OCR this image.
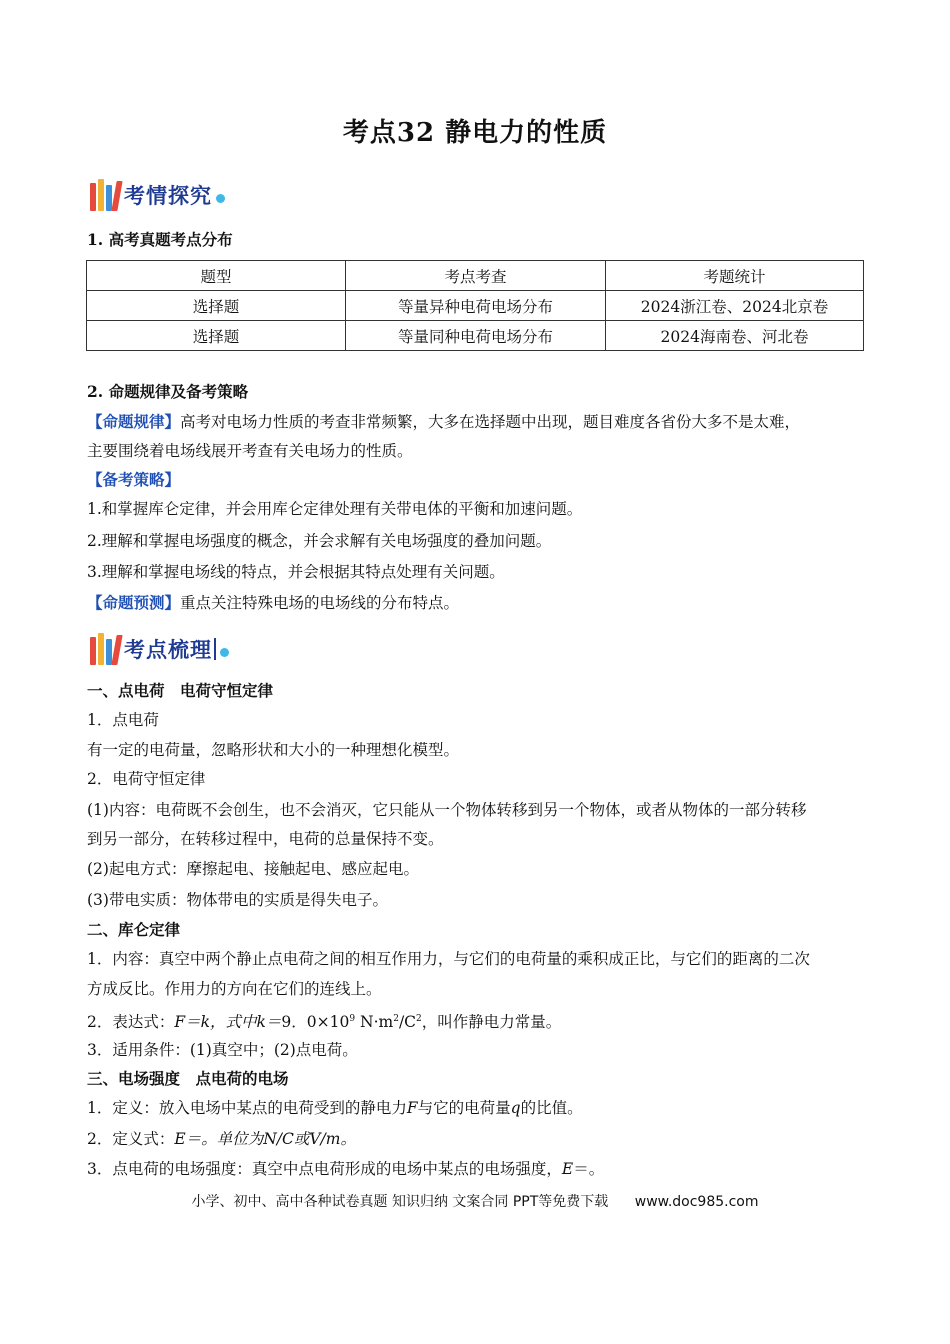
考点32 静电力的性质
考情探究
1. 高考真题考点分布
题型	考点考查	考题统计
选择题	等量异种电荷电场分布	2024浙江卷、2024北京卷
选择题	等量同种电荷电场分布	2024海南卷、河北卷
2. 命题规律及备考策略
【命题规律】高考对电场力性质的考查非常频繁，大多在选择题中出现，题目难度各省份大多不是太难，
主要围绕着电场线展开考查有关电场力的性质。
【备考策略】
1.和掌握库仑定律，并会用库仑定律处理有关带电体的平衡和加速问题。
2.理解和掌握电场强度的概念，并会求解有关电场强度的叠加问题。
3.理解和掌握电场线的特点，并会根据其特点处理有关问题。
【命题预测】重点关注特殊电场的电场线的分布特点。
考点梳理
一、点电荷　电荷守恒定律
1．点电荷
有一定的电荷量，忽略形状和大小的一种理想化模型。
2．电荷守恒定律
(1)内容：电荷既不会创生，也不会消灭，它只能从一个物体转移到另一个物体，或者从物体的一部分转移
到另一部分，在转移过程中，电荷的总量保持不变。
(2)起电方式：摩擦起电、接触起电、感应起电。
(3)带电实质：物体带电的实质是得失电子。
二、库仑定律
1．内容：真空中两个静止点电荷之间的相互作用力，与它们的电荷量的乘积成正比，与它们的距离的二次
方成反比。作用力的方向在它们的连线上。
2．表达式：F＝k，式中k＝9．$0\times 10^9$ $N\cdot m^2/C^2$，叫作静电力常量。
3．适用条件：(1)真空中；(2)点电荷。
三、电场强度　点电荷的电场
1．定义：放入电场中某点的电荷受到的静电力F与它的电荷量q的比值。
2．定义式：E＝。单位为N/C或V/m。
3．点电荷的电场强度：真空中点电荷形成的电场中某点的电场强度，E＝。
小学、初中、高中各种试卷真题 知识归纳 文案合同 PPT等免费下载 www.doc985.com
